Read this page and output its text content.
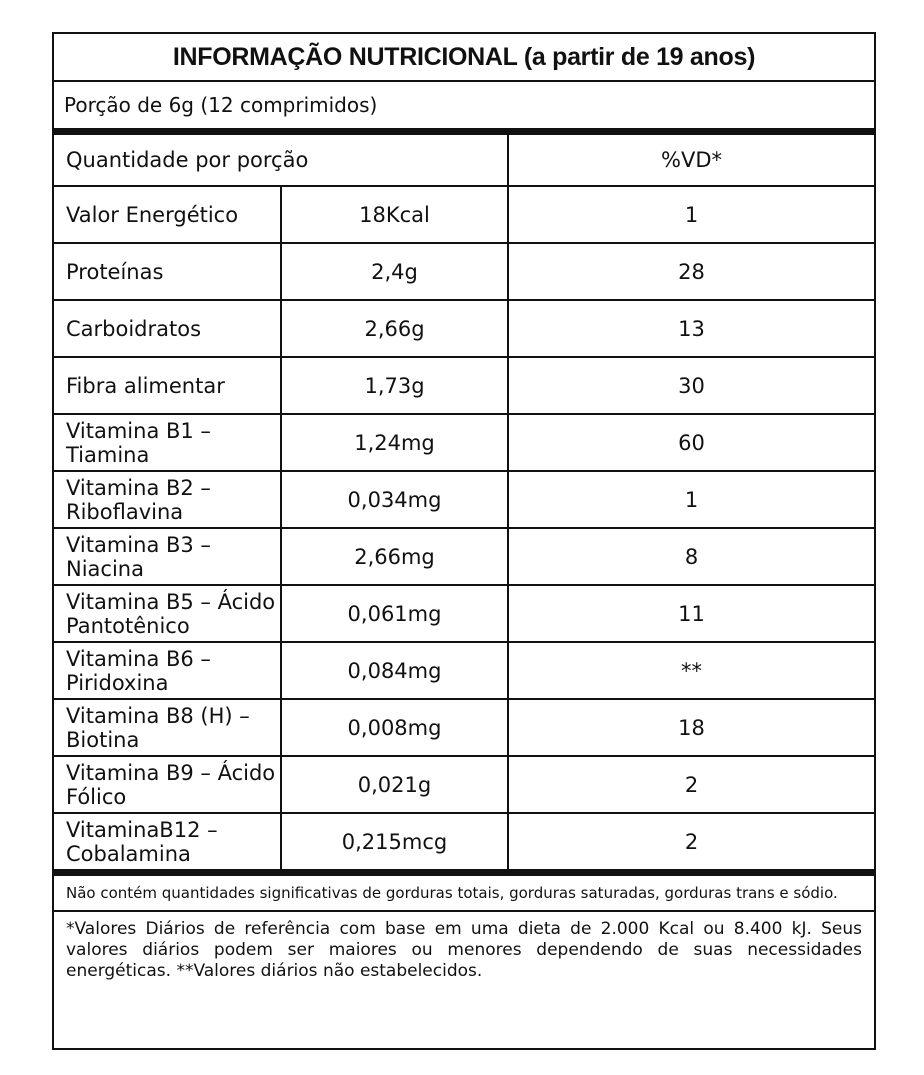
INFORMAÇÃO NUTRICIONAL (a partir de 19 anos)
Porção de 6g (12 comprimidos)
Quantidade por porção		%VD*
Valor Energético	18Kcal	1
Proteínas	2,4g	28
Carboidratos	2,66g	13
Fibra alimentar	1,73g	30
Vitamina B1 – Tiamina	1,24mg	60
Vitamina B2 – Riboflavina	0,034mg	1
Vitamina B3 – Niacina	2,66mg	8
Vitamina B5 – Ácido Pantotênico	0,061mg	11
Vitamina B6 – Piridoxina	0,084mg	**
Vitamina B8 (H) – Biotina	0,008mg	18
Vitamina B9 – Ácido Fólico	0,021g	2
VitaminaB12 – Cobalamina	0,215mcg	2
Não contém quantidades significativas de gorduras totais, gorduras saturadas, gorduras trans e sódio.
*Valores Diários de referência com base em uma dieta de 2.000 Kcal ou 8.400 kJ. Seus valores diários podem ser maiores ou menores dependendo de suas necessidades energéticas. **Valores diários não estabelecidos.
